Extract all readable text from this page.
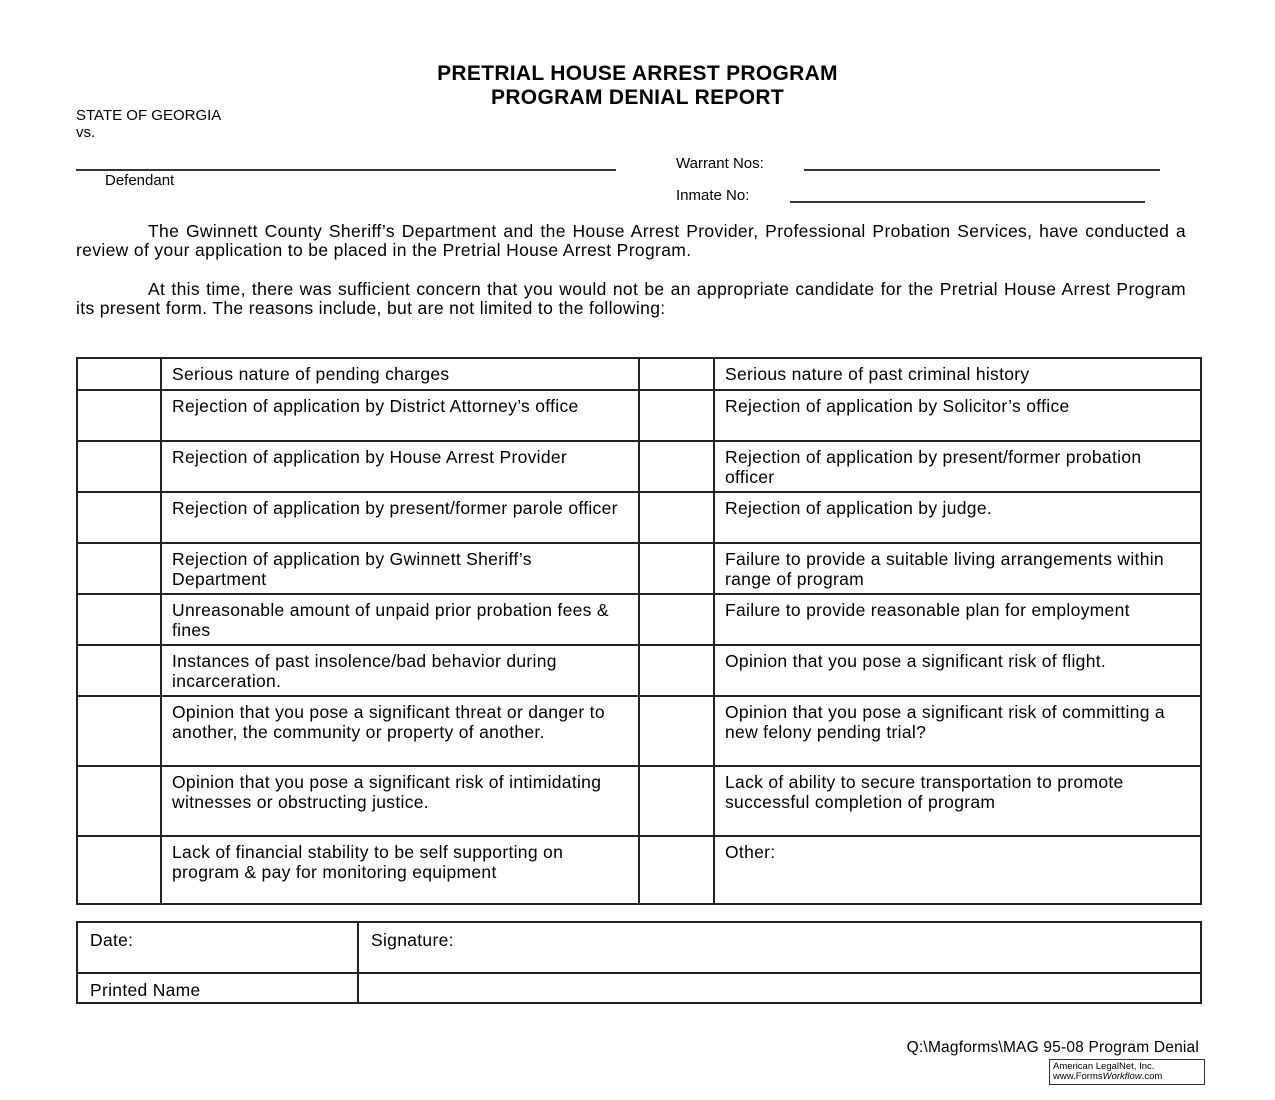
PRETRIAL HOUSE ARREST PROGRAM
PROGRAM DENIAL REPORT
STATE OF GEORGIA
vs.
Defendant
Warrant Nos:
Inmate No:
The Gwinnett County Sheriff’s Department and the House Arrest Provider, Professional Probation Services, have conducted a review of your application to be placed in the Pretrial House Arrest Program.
At this time, there was sufficient concern that you would not be an appropriate candidate for the Pretrial House Arrest Program its present form. The reasons include, but are not limited to the following:
	Serious nature of pending charges		Serious nature of past criminal history

	Rejection of application by District Attorney’s office		Rejection of application by Solicitor’s office

	Rejection of application by House Arrest Provider		Rejection of application by present/former probation officer

	Rejection of application by present/former parole officer		Rejection of application by judge.

	Rejection of application by Gwinnett Sheriff’s Department		Failure to provide a suitable living arrangements within range of program

	Unreasonable amount of unpaid prior probation fees & fines		Failure to provide reasonable plan for employment

	Instances of past insolence/bad behavior during incarceration.		Opinion that you pose a significant risk of flight.

	Opinion that you pose a significant threat or danger to another, the community or property of another.		Opinion that you pose a significant risk of committing a new felony pending trial?

	Opinion that you pose a significant risk of intimidating witnesses or obstructing justice.		Lack of ability to secure transportation to promote successful completion of program

	Lack of financial stability to be self supporting on program & pay for monitoring equipment		Other:
Date:	Signature:
Printed Name	
Q:\Magforms\MAG 95-08 Program Denial
American LegalNet, Inc.
www.FormsWorkflow.com
